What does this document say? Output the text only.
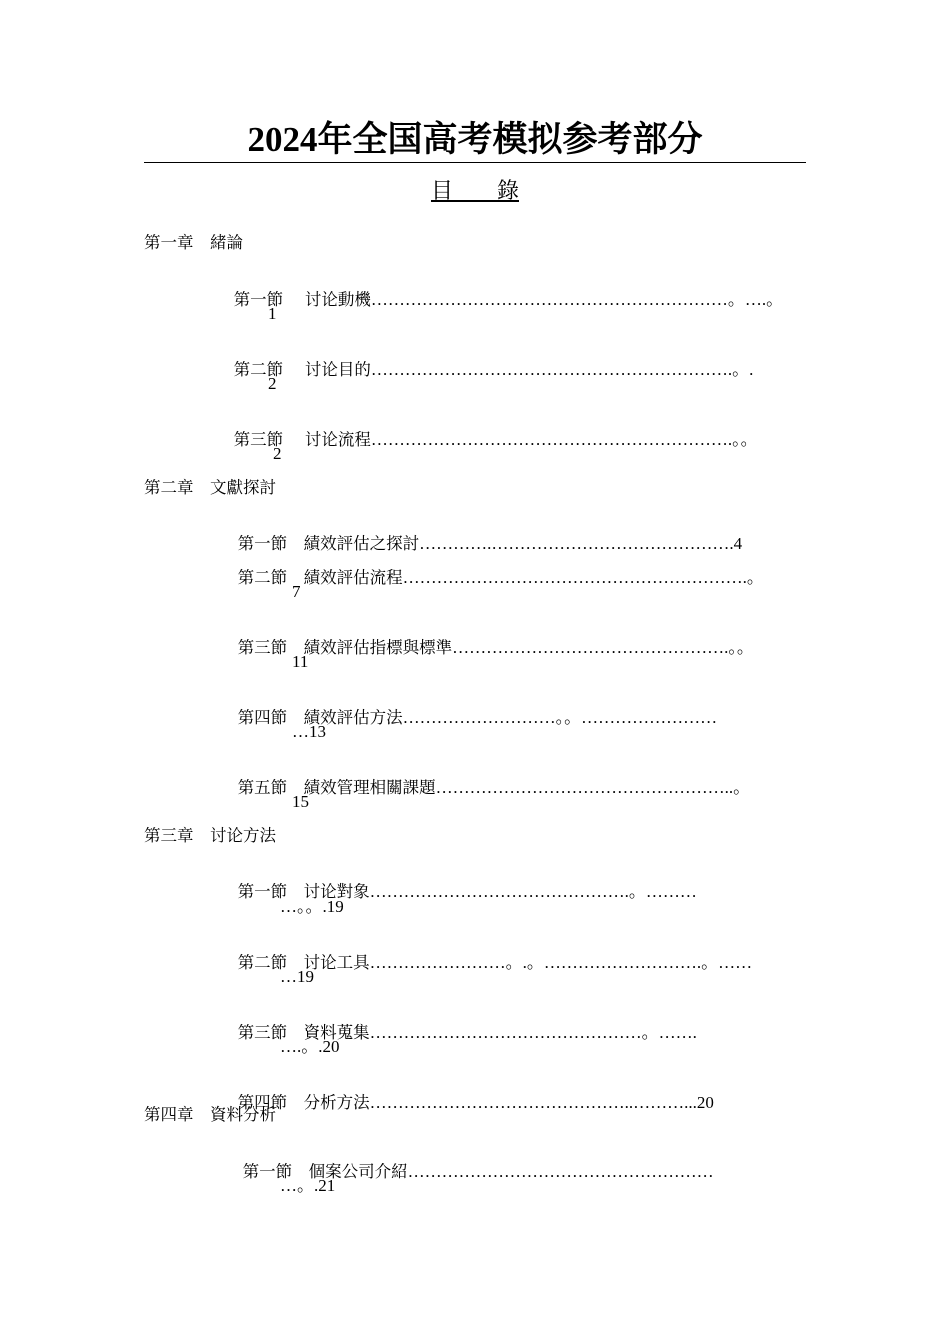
2024年全国高考模拟参考部分
目　　錄
第一章　緒論

第一節　 讨论動機………………………………………………………。….。

1

第二節　 讨论目的……………………………………………………….。.

2

第三節　 讨论流程……………………………………………………….。。

2
第二章　文獻探討

第一節　績效評估之探討………….…………………………………….4

第二節　績效評估流程…………………………………………………….。

7

第三節　績效評估指標與標準………………………………………….。。

11

第四節　績效評估方法………………………。。……………………

…13

第五節　績效管理相關課題……………………………………………..。

15
第三章　讨论方法

第一節　讨论對象……………………………………….。………

…。。.19

第二節　讨论工具……………………。.。……………………….。……

…19

第三節　資料蒐集…………………………………………。…….

….。.20

第四節　分析方法………………………………………..………...20

第四章　資料分析

第一節　個案公司介紹………………………………………………

…。.21
